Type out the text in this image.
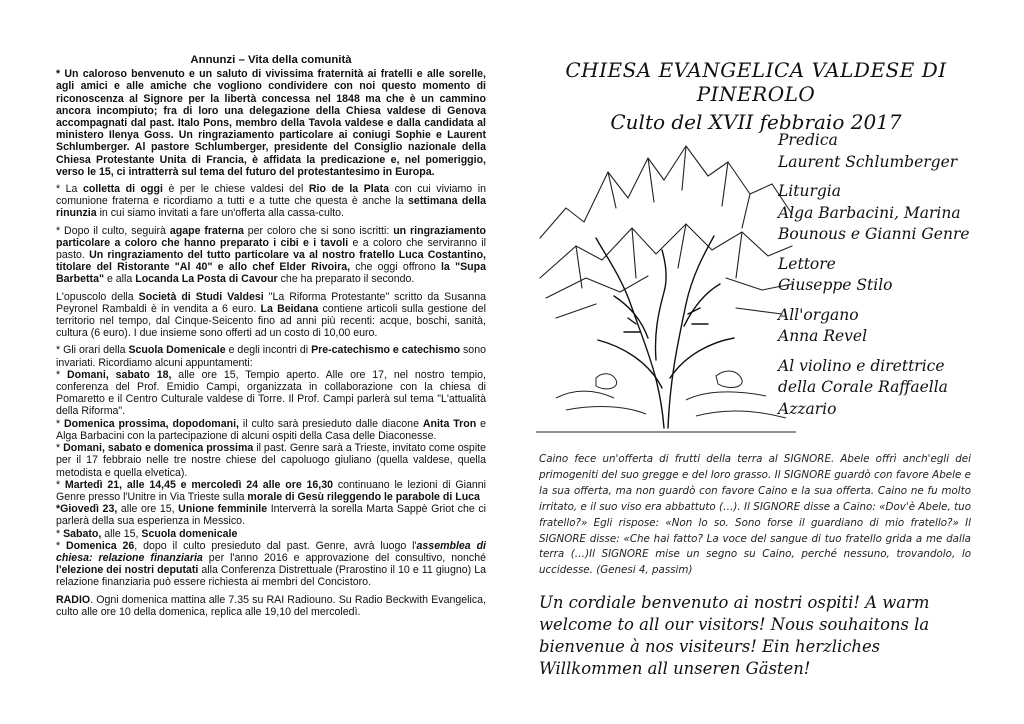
Annunzi – Vita della comunità

* Un caloroso benvenuto e un saluto di vivissima fraternità ai fratelli e alle sorelle, agli amici e alle amiche che vogliono condividere con noi questo momento di riconoscenza al Signore per la libertà concessa nel 1848 ma che è un cammino ancora incompiuto; fra di loro una delegazione della Chiesa valdese di Genova accompagnati dal past. Italo Pons, membro della Tavola valdese e dalla candidata al ministero Ilenya Goss. Un ringraziamento particolare ai coniugi Sophie e Laurent Schlumberger. Al pastore Schlumberger, presidente del Consiglio nazionale della Chiesa Protestante Unita di Francia, è affidata la predicazione e, nel pomeriggio, verso le 15, ci intratterrà sul tema del futuro del protestantesimo in Europa.

* La colletta di oggi è per le chiese valdesi del Rio de la Plata con cui viviamo in comunione fraterna e ricordiamo a tutti e a tutte che questa è anche la settimana della rinunzia in cui siamo invitati a fare un'offerta alla cassa-culto.

* Dopo il culto, seguirà agape fraterna per coloro che si sono iscritti: un ringraziamento particolare a coloro che hanno preparato i cibi e i tavoli e a coloro che serviranno il pasto. Un ringraziamento del tutto particolare va al nostro fratello Luca Costantino, titolare del Ristorante "Al 40" e allo chef Elder Rivoira, che oggi offrono la "Supa Barbetta" e alla Locanda La Posta di Cavour che ha preparato il secondo.

L'opuscolo della Società di Studi Valdesi "La Riforma Protestante" scritto da Susanna Peyronel Rambaldi è in vendita a 6 euro. La Beidana contiene articoli sulla gestione del territorio nel tempo, dal Cinque-Seicento fino ad anni più recenti: acque, boschi, sanità, cultura (6 euro). I due insieme sono offerti ad un costo di 10,00 euro.

* Gli orari della Scuola Domenicale e degli incontri di Pre-catechismo e catechismo sono invariati. Ricordiamo alcuni appuntamenti:

* Domani, sabato 18, alle ore 15, Tempio aperto. Alle ore 17, nel nostro tempio, conferenza del Prof. Emidio Campi, organizzata in collaborazione con la chiesa di Pomaretto e il Centro Culturale valdese di Torre. Il Prof. Campi parlerà sul tema "L'attualità della Riforma".

* Domenica prossima, dopodomani, il culto sarà presieduto dalle diacone Anita Tron e Alga Barbacini con la partecipazione di alcuni ospiti della Casa delle Diaconesse.

* Domani, sabato e domenica prossima il past. Genre sarà a Trieste, invitato come ospite per il 17 febbraio nelle tre nostre chiese del capoluogo giuliano (quella valdese, quella metodista e quella elvetica).

* Martedì 21, alle 14,45 e mercoledì 24 alle ore 16,30 continuano le lezioni di Gianni Genre presso l'Unitre in Via Trieste sulla morale di Gesù rileggendo le parabole di Luca

*Giovedì 23, alle ore 15, Unione femminile Interverrà la sorella Marta Sappè Griot che ci parlerà della sua esperienza in Messico.

* Sabato, alle 15, Scuola domenicale

* Domenica 26, dopo il culto presieduto dal past. Genre, avrà luogo l'assemblea di chiesa: relazione finanziaria per l'anno 2016 e approvazione del consultivo, nonché l'elezione dei nostri deputati alla Conferenza Distrettuale (Prarostino il 10 e 11 giugno) La relazione finanziaria può essere richiesta ai membri del Concistoro.

RADIO. Ogni domenica mattina alle 7.35 su RAI Radiouno. Su Radio Beckwith Evangelica, culto alle ore 10 della domenica, replica alle 19,10 del mercoledì.

CHIESA EVANGELICA VALDESE DI PINEROLO
Culto del XVII febbraio 2017
Predica
Laurent Schlumberger
Liturgia
Alga Barbacini, Marina
Bounous e Gianni Genre
Lettore
Giuseppe Stilo
All'organo
Anna Revel
Al violino e direttrice
della Corale Raffaella
Azzario
Caino fece un'offerta di frutti della terra al SIGNORE. Abele offrì anch'egli dei primogeniti del suo gregge e del loro grasso. Il SIGNORE guardò con favore Abele e la sua offerta, ma non guardò con favore Caino e la sua offerta. Caino ne fu molto irritato, e il suo viso era abbattuto (…). Il SIGNORE disse a Caino: «Dov'è Abele, tuo fratello?» Egli rispose: «Non lo so. Sono forse il guardiano di mio fratello?» Il SIGNORE disse: «Che hai fatto? La voce del sangue di tuo fratello grida a me dalla terra (…)Il SIGNORE mise un segno su Caino, perché nessuno, trovandolo, lo uccidesse. (Genesi 4, passim)
Un cordiale benvenuto ai nostri ospiti! A warm welcome to all our visitors! Nous souhaitons la bienvenue à nos visiteurs! Ein herzliches Willkommen all unseren Gästen!
